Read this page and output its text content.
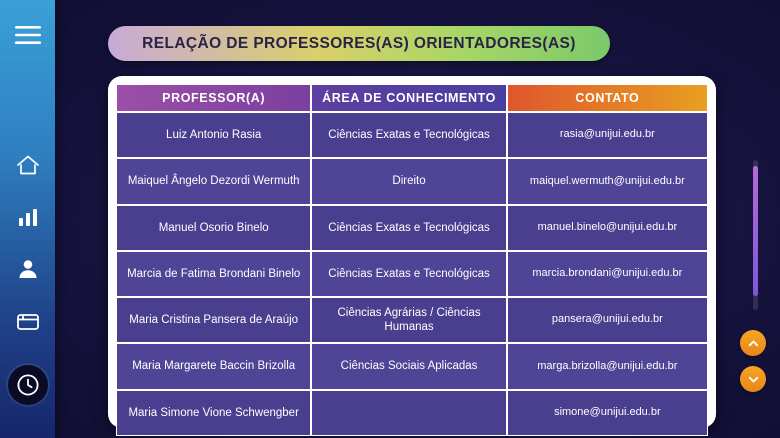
RELAÇÃO DE PROFESSORES(AS) ORIENTADORES(AS)
PROFESSOR(A)	ÁREA DE CONHECIMENTO	CONTATO
Luiz Antonio Rasia	Ciências Exatas e Tecnológicas	rasia@unijui.edu.br
Maiquel Ângelo Dezordi Wermuth	Direito	maiquel.wermuth@unijui.edu.br
Manuel Osorio Binelo	Ciências Exatas e Tecnológicas	manuel.binelo@unijui.edu.br
Marcia de Fatima Brondani Binelo	Ciências Exatas e Tecnológicas	marcia.brondani@unijui.edu.br
Maria Cristina Pansera de Araújo	Ciências Agrárias / Ciências Humanas	pansera@unijui.edu.br
Maria Margarete Baccin Brizolla	Ciências Sociais Aplicadas	marga.brizolla@unijui.edu.br
Maria Simone Vione Schwengber		simone@unijui.edu.br
